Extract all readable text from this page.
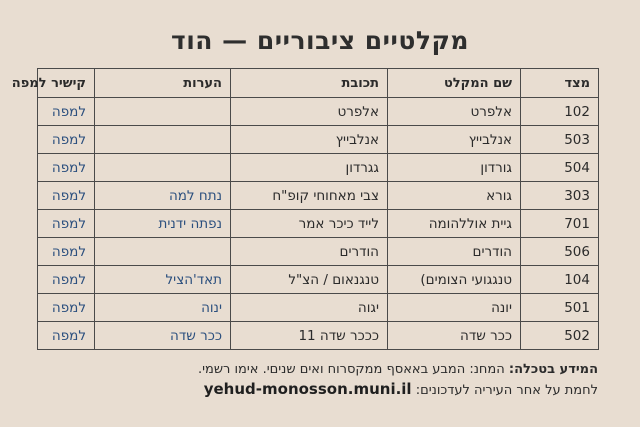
מקלטיים ציבוריים — הוד
מצד	שם המקלט	תכובת	הערות	קישיר למפה
102	אלפרט	אלפרט		למפה
503	אנלבייץ	אנלבייץ		למפה
504	גורדון	גגרדון		למפה
303	גורא	צבי מאחוחי קופ"ח	נתח למה	למפה
701	גיית אוללהומה	לייד כיכר אמר	נפתה ידנית	למפה
506	הודרים	הודרים		למפה
104	טנגגועי הצומים)	טנגנאום / הצ"ל	תאד'הציל	למפה
501	יונה	יגוה	ינוה	למפה
502	ככר שדה	כככר שדה 11	ככר שדה	למפה
המידע בטכלה: המחנ: המבע באאסף ממקסרוח ואים שניםי. אימו רשמי.
לחמת על אחר העיריה לעדכונים: yehud-monosson.muni.il
